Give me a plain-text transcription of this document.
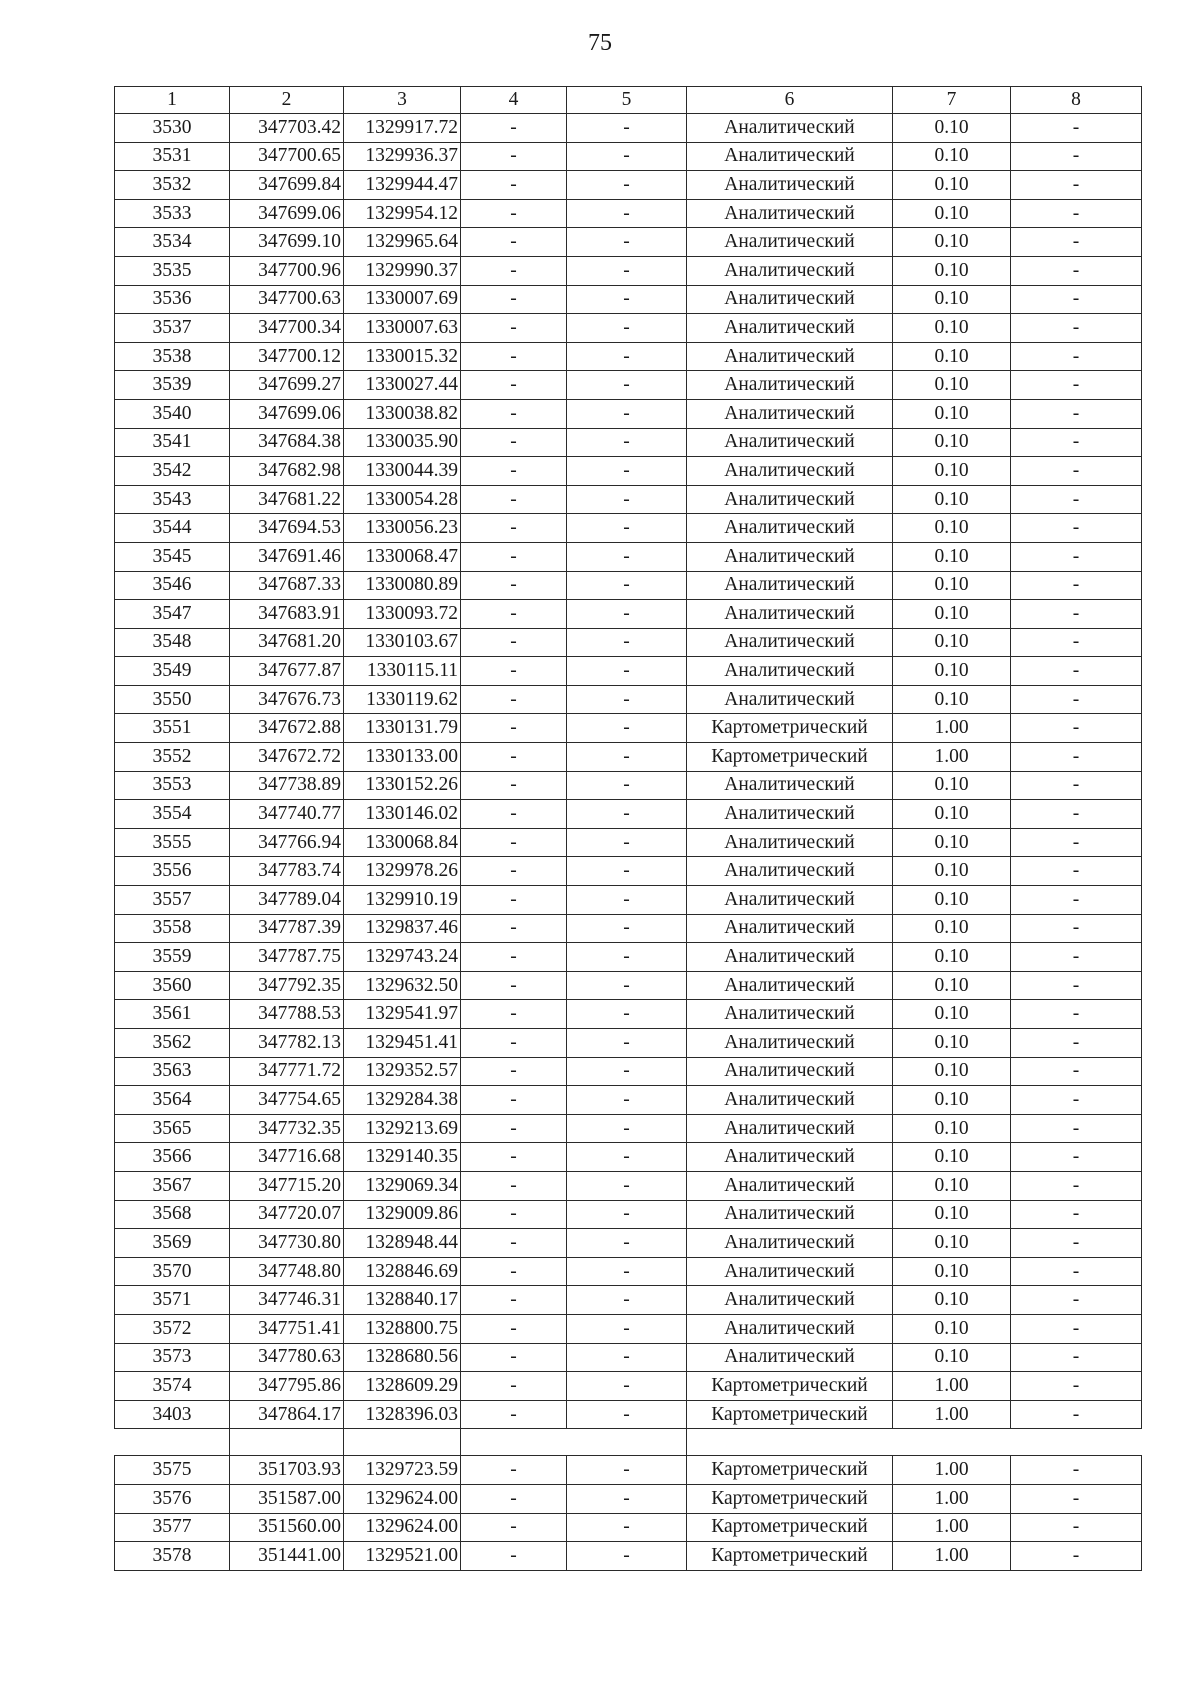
75
1	2	3	4	5	6	7	8
3530	347703.42	1329917.72	-	-	Аналитический	0.10	-
3531	347700.65	1329936.37	-	-	Аналитический	0.10	-
3532	347699.84	1329944.47	-	-	Аналитический	0.10	-
3533	347699.06	1329954.12	-	-	Аналитический	0.10	-
3534	347699.10	1329965.64	-	-	Аналитический	0.10	-
3535	347700.96	1329990.37	-	-	Аналитический	0.10	-
3536	347700.63	1330007.69	-	-	Аналитический	0.10	-
3537	347700.34	1330007.63	-	-	Аналитический	0.10	-
3538	347700.12	1330015.32	-	-	Аналитический	0.10	-
3539	347699.27	1330027.44	-	-	Аналитический	0.10	-
3540	347699.06	1330038.82	-	-	Аналитический	0.10	-
3541	347684.38	1330035.90	-	-	Аналитический	0.10	-
3542	347682.98	1330044.39	-	-	Аналитический	0.10	-
3543	347681.22	1330054.28	-	-	Аналитический	0.10	-
3544	347694.53	1330056.23	-	-	Аналитический	0.10	-
3545	347691.46	1330068.47	-	-	Аналитический	0.10	-
3546	347687.33	1330080.89	-	-	Аналитический	0.10	-
3547	347683.91	1330093.72	-	-	Аналитический	0.10	-
3548	347681.20	1330103.67	-	-	Аналитический	0.10	-
3549	347677.87	1330115.11	-	-	Аналитический	0.10	-
3550	347676.73	1330119.62	-	-	Аналитический	0.10	-
3551	347672.88	1330131.79	-	-	Картометрический	1.00	-
3552	347672.72	1330133.00	-	-	Картометрический	1.00	-
3553	347738.89	1330152.26	-	-	Аналитический	0.10	-
3554	347740.77	1330146.02	-	-	Аналитический	0.10	-
3555	347766.94	1330068.84	-	-	Аналитический	0.10	-
3556	347783.74	1329978.26	-	-	Аналитический	0.10	-
3557	347789.04	1329910.19	-	-	Аналитический	0.10	-
3558	347787.39	1329837.46	-	-	Аналитический	0.10	-
3559	347787.75	1329743.24	-	-	Аналитический	0.10	-
3560	347792.35	1329632.50	-	-	Аналитический	0.10	-
3561	347788.53	1329541.97	-	-	Аналитический	0.10	-
3562	347782.13	1329451.41	-	-	Аналитический	0.10	-
3563	347771.72	1329352.57	-	-	Аналитический	0.10	-
3564	347754.65	1329284.38	-	-	Аналитический	0.10	-
3565	347732.35	1329213.69	-	-	Аналитический	0.10	-
3566	347716.68	1329140.35	-	-	Аналитический	0.10	-
3567	347715.20	1329069.34	-	-	Аналитический	0.10	-
3568	347720.07	1329009.86	-	-	Аналитический	0.10	-
3569	347730.80	1328948.44	-	-	Аналитический	0.10	-
3570	347748.80	1328846.69	-	-	Аналитический	0.10	-
3571	347746.31	1328840.17	-	-	Аналитический	0.10	-
3572	347751.41	1328800.75	-	-	Аналитический	0.10	-
3573	347780.63	1328680.56	-	-	Аналитический	0.10	-
3574	347795.86	1328609.29	-	-	Картометрический	1.00	-
3403	347864.17	1328396.03	-	-	Картометрический	1.00	-

3575	351703.93	1329723.59	-	-	Картометрический	1.00	-
3576	351587.00	1329624.00	-	-	Картометрический	1.00	-
3577	351560.00	1329624.00	-	-	Картометрический	1.00	-
3578	351441.00	1329521.00	-	-	Картометрический	1.00	-
